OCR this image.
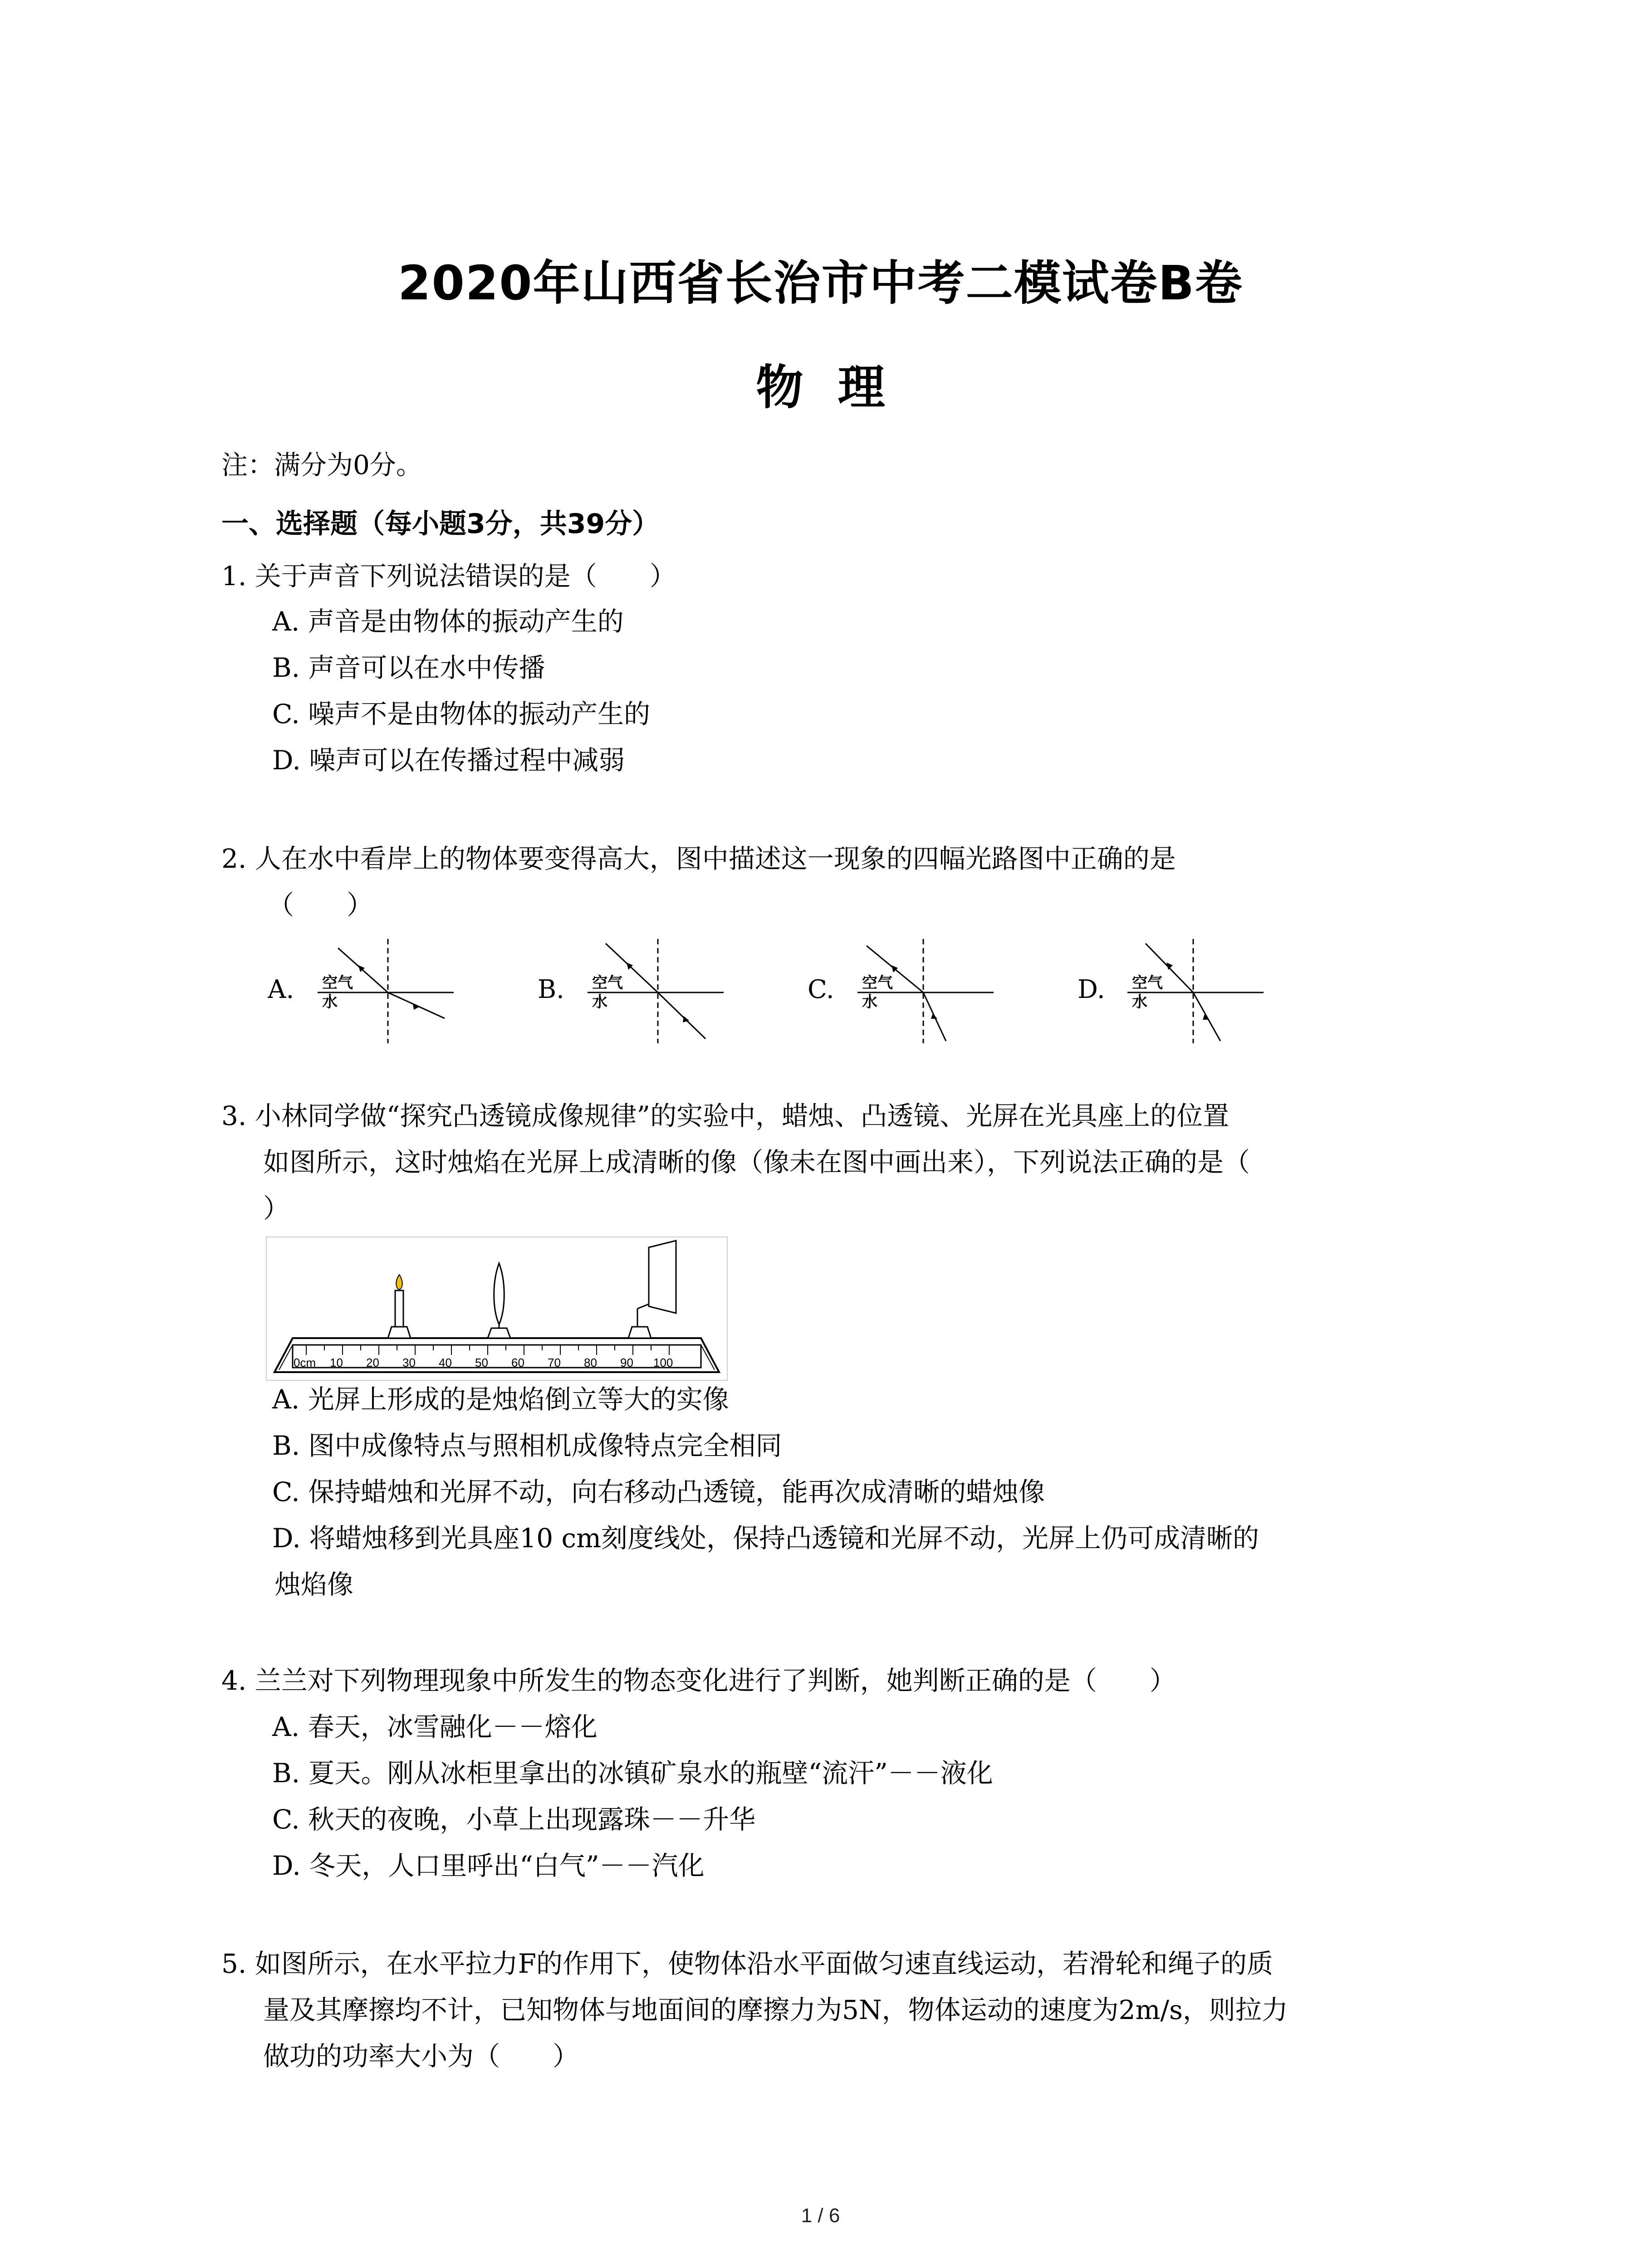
2020年山西省长治市中考二模试卷B卷
物 理
注：满分为0分。
一、选择题（每小题3分，共39分）
1. 关于声音下列说法错误的是（　　）
A. 声音是由物体的振动产生的
B. 声音可以在水中传播
C. 噪声不是由物体的振动产生的
D. 噪声可以在传播过程中减弱
2. 人在水中看岸上的物体要变得高大，图中描述这一现象的四幅光路图中正确的是
（　　）
A. 空气
水	B. 空气
水	C. 空气
水	D. 空气
水
3. 小林同学做“探究凸透镜成像规律”的实验中，蜡烛、凸透镜、光屏在光具座上的位置
如图所示，这时烛焰在光屏上成清晰的像（像未在图中画出来），下列说法正确的是（
）
0cm 10 20 30 40 50 60 70 80 90 100
A. 光屏上形成的是烛焰倒立等大的实像
B. 图中成像特点与照相机成像特点完全相同
C. 保持蜡烛和光屏不动，向右移动凸透镜，能再次成清晰的蜡烛像
D. 将蜡烛移到光具座10 cm刻度线处，保持凸透镜和光屏不动，光屏上仍可成清晰的
烛焰像
4. 兰兰对下列物理现象中所发生的物态变化进行了判断，她判断正确的是（　　）
A. 春天，冰雪融化－－熔化
B. 夏天。刚从冰柜里拿出的冰镇矿泉水的瓶壁“流汗”－－液化
C. 秋天的夜晚，小草上出现露珠－－升华
D. 冬天，人口里呼出“白气”－－汽化
5. 如图所示，在水平拉力F的作用下，使物体沿水平面做匀速直线运动，若滑轮和绳子的质
量及其摩擦均不计，已知物体与地面间的摩擦力为5N，物体运动的速度为2m/s，则拉力
做功的功率大小为（　　）
1 / 6
